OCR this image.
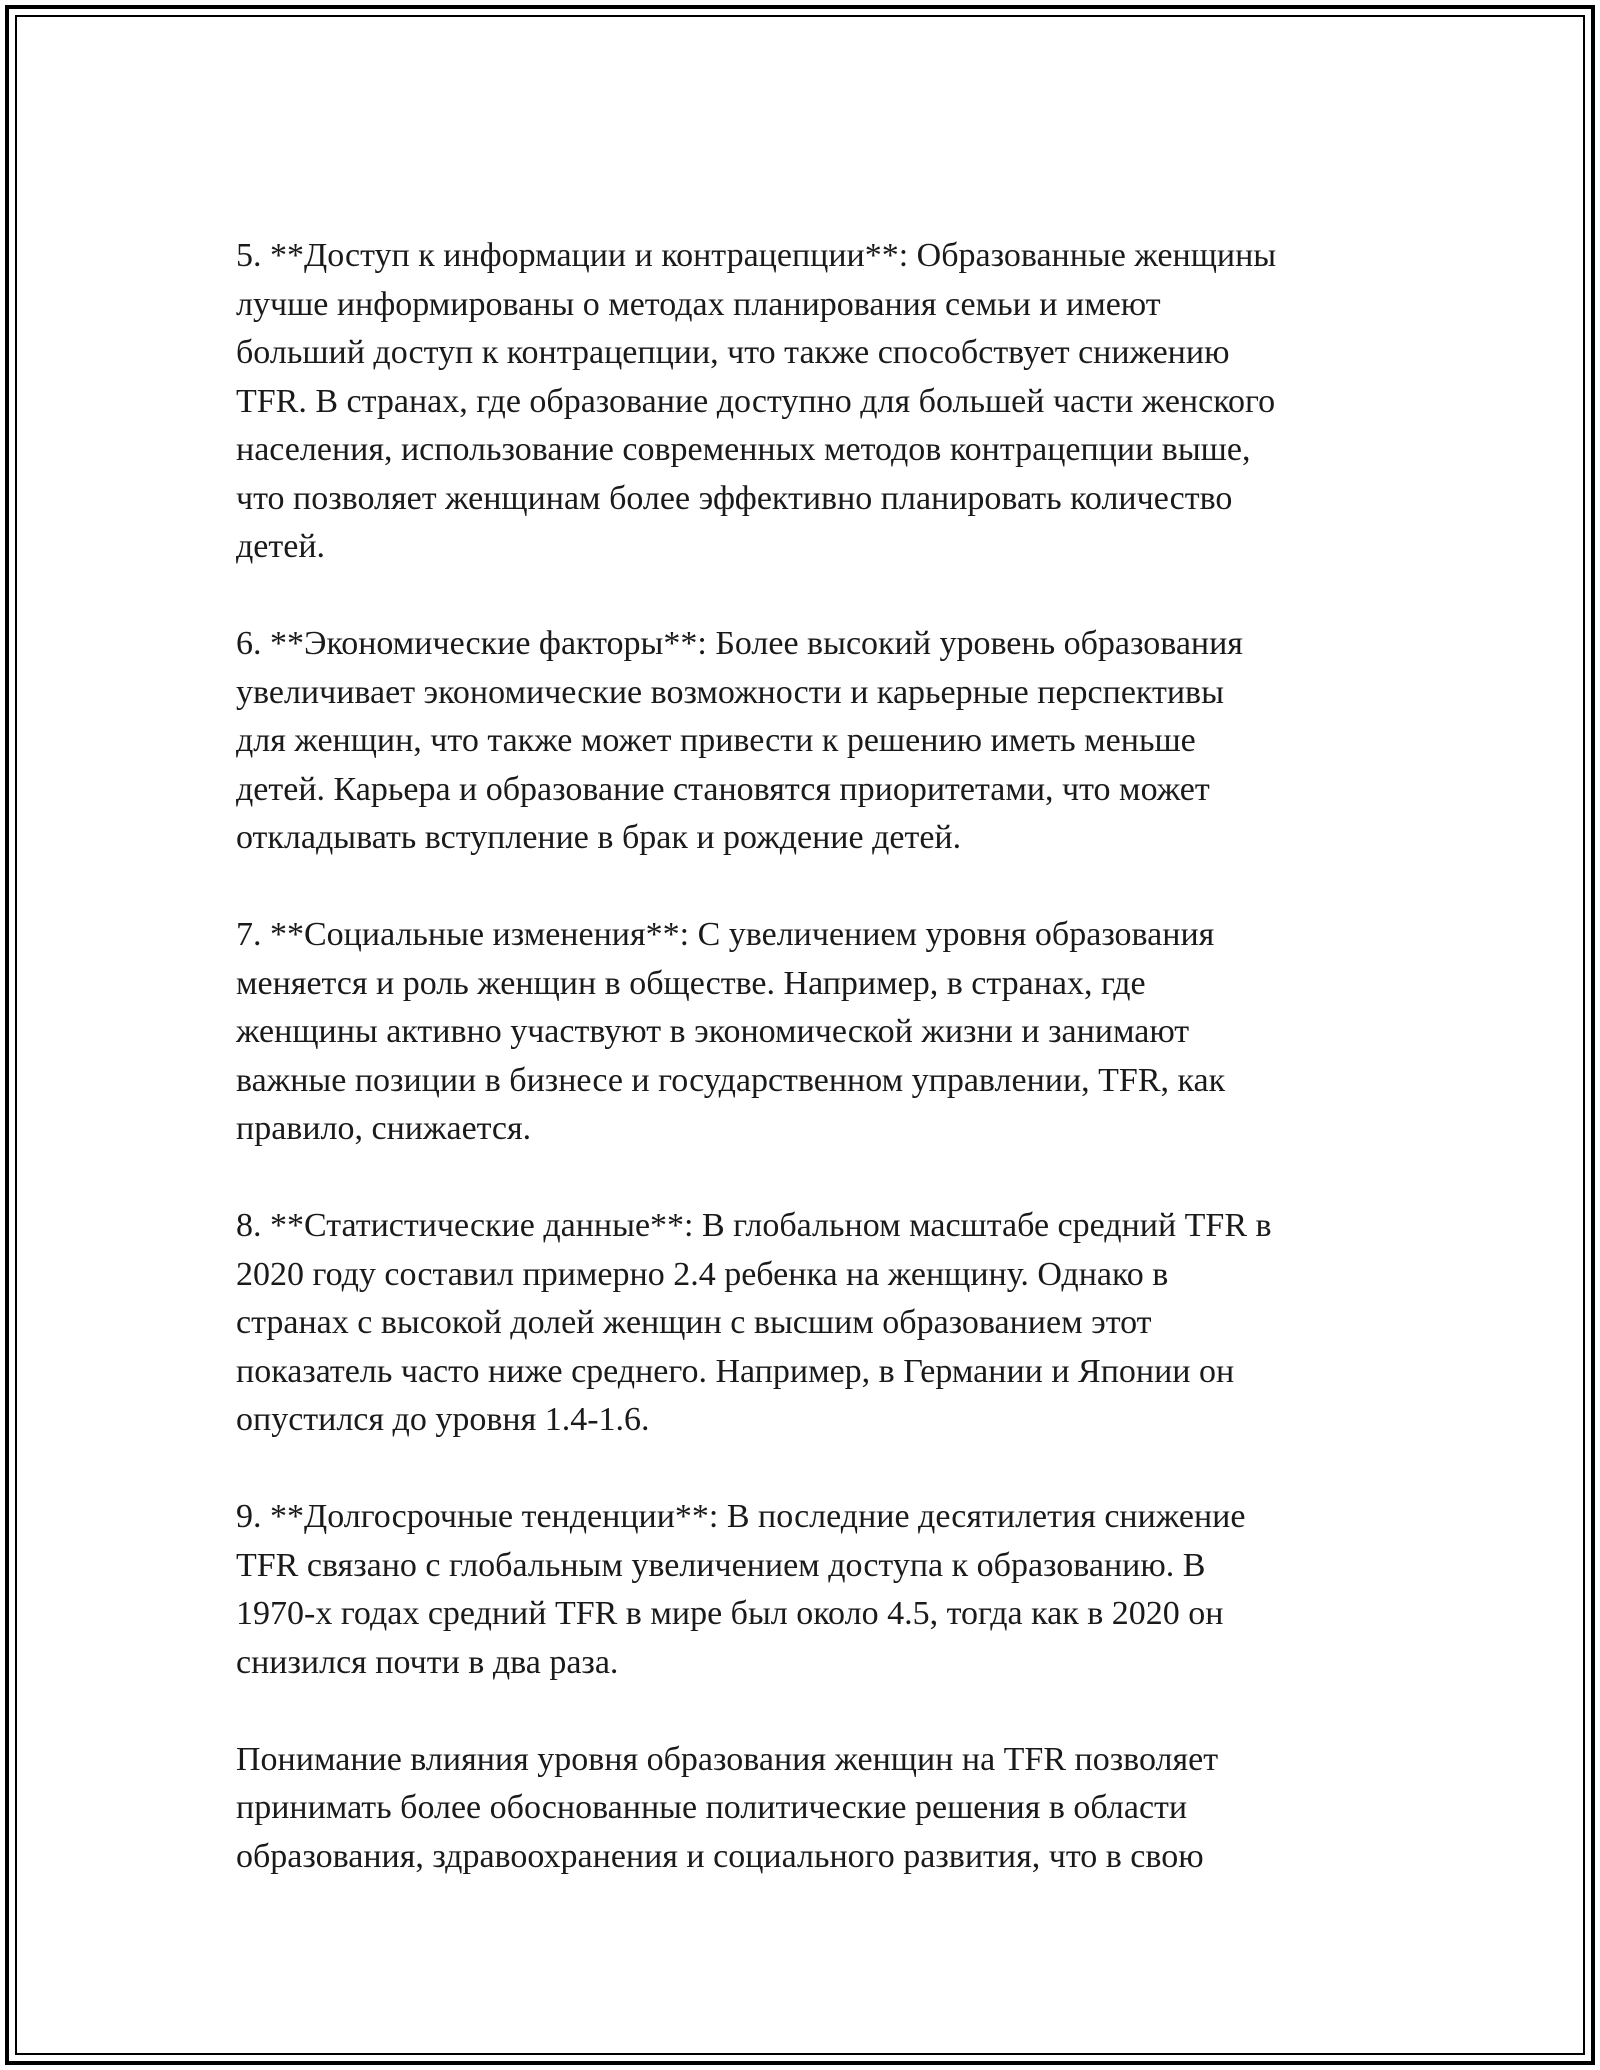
5. **Доступ к информации и контрацепции**: Образованные женщины
лучше информированы о методах планирования семьи и имеют
больший доступ к контрацепции, что также способствует снижению
TFR. В странах, где образование доступно для большей части женского
населения, использование современных методов контрацепции выше,
что позволяет женщинам более эффективно планировать количество
детей.

6. **Экономические факторы**: Более высокий уровень образования
увеличивает экономические возможности и карьерные перспективы
для женщин, что также может привести к решению иметь меньше
детей. Карьера и образование становятся приоритетами, что может
откладывать вступление в брак и рождение детей.

7. **Социальные изменения**: С увеличением уровня образования
меняется и роль женщин в обществе. Например, в странах, где
женщины активно участвуют в экономической жизни и занимают
важные позиции в бизнесе и государственном управлении, TFR, как
правило, снижается.

8. **Статистические данные**: В глобальном масштабе средний TFR в
2020 году составил примерно 2.4 ребенка на женщину. Однако в
странах с высокой долей женщин с высшим образованием этот
показатель часто ниже среднего. Например, в Германии и Японии он
опустился до уровня 1.4-1.6.

9. **Долгосрочные тенденции**: В последние десятилетия снижение
TFR связано с глобальным увеличением доступа к образованию. В
1970-х годах средний TFR в мире был около 4.5, тогда как в 2020 он
снизился почти в два раза.

Понимание влияния уровня образования женщин на TFR позволяет
принимать более обоснованные политические решения в области
образования, здравоохранения и социального развития, что в свою
